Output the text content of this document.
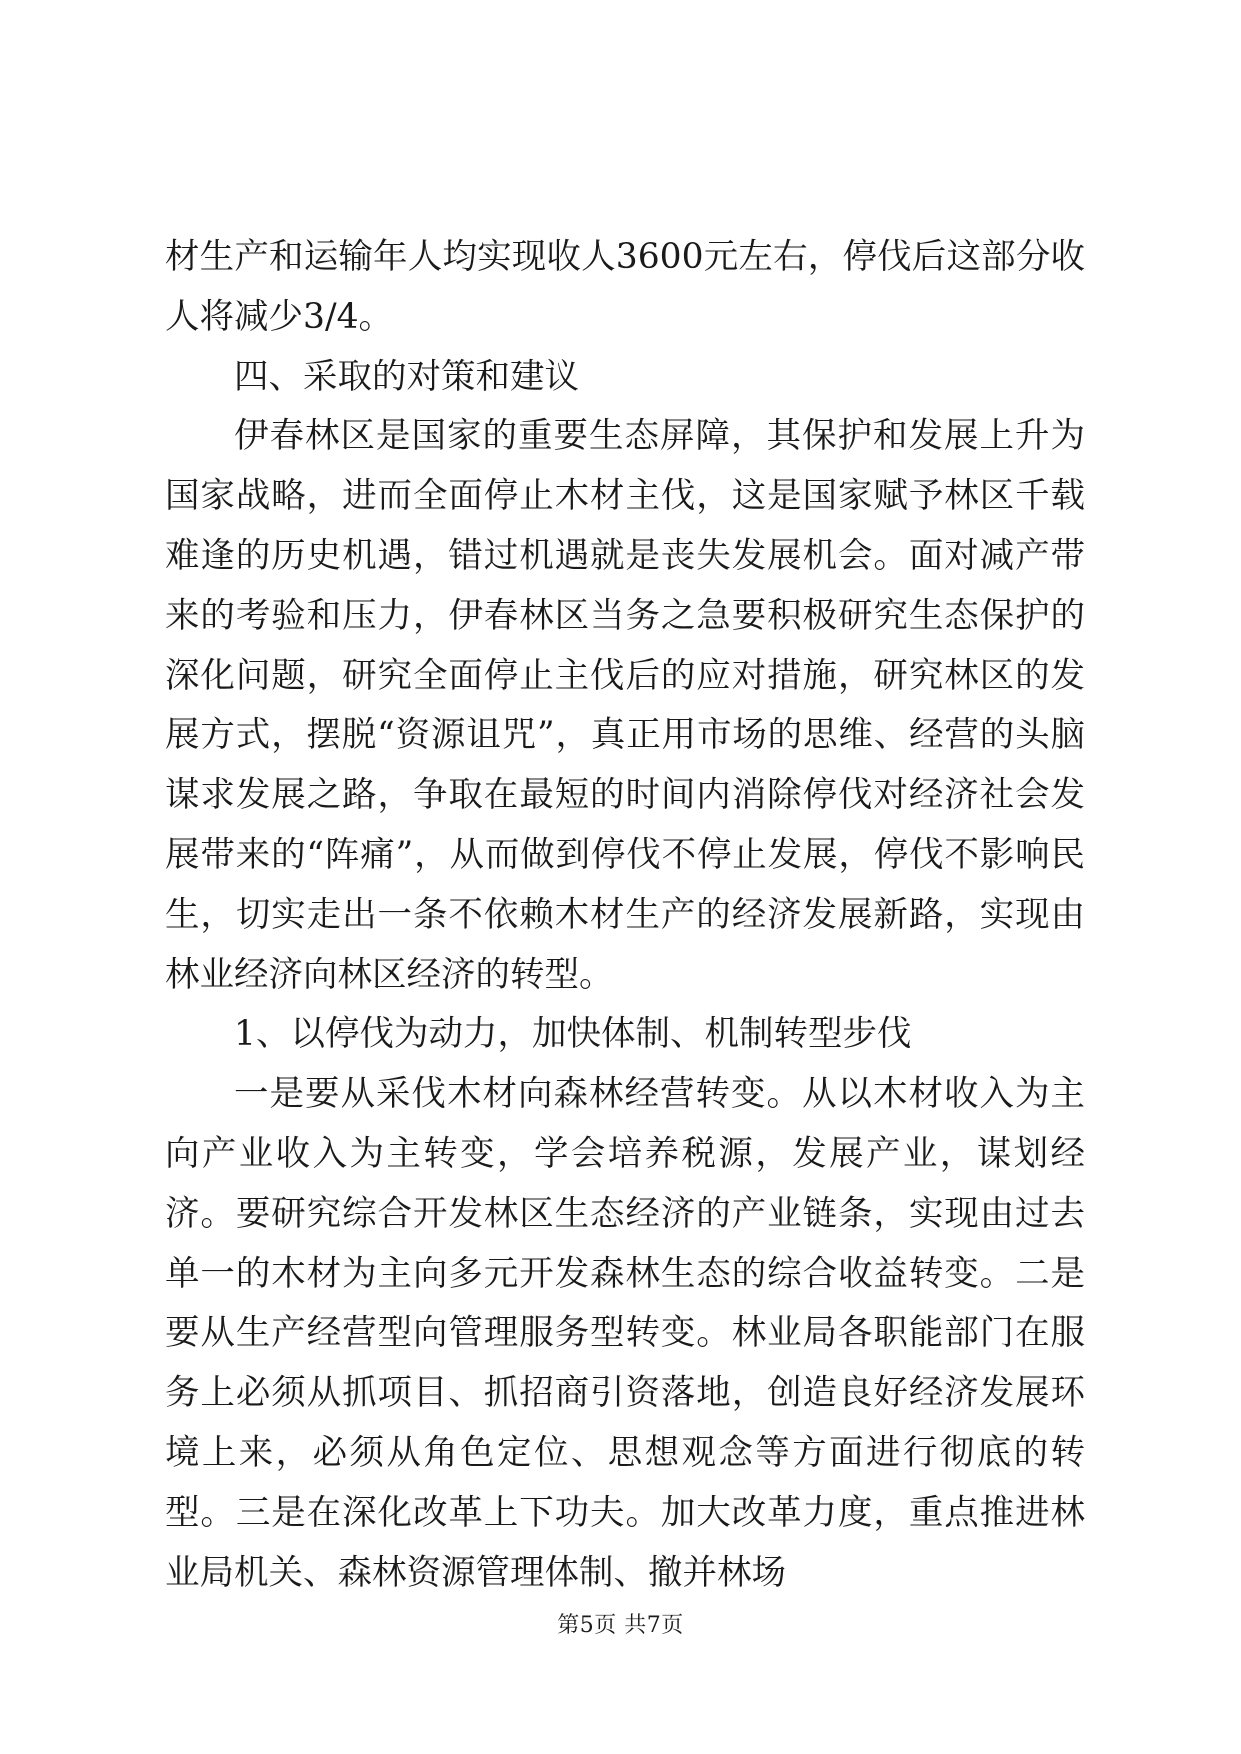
材生产和运输年人均实现收人3600元左右，停伐后这部分收人将减少3/4。

四、采取的对策和建议

伊春林区是国家的重要生态屏障，其保护和发展上升为国家战略，进而全面停止木材主伐，这是国家赋予林区千载难逢的历史机遇，错过机遇就是丧失发展机会。面对减产带来的考验和压力，伊春林区当务之急要积极研究生态保护的深化问题，研究全面停止主伐后的应对措施，研究林区的发展方式，摆脱“资源诅咒”，真正用市场的思维、经营的头脑谋求发展之路，争取在最短的时间内消除停伐对经济社会发展带来的“阵痛”，从而做到停伐不停止发展，停伐不影响民生，切实走出一条不依赖木材生产的经济发展新路，实现由林业经济向林区经济的转型。

1、以停伐为动力，加快体制、机制转型步伐

一是要从采伐木材向森林经营转变。从以木材收入为主向产业收入为主转变，学会培养税源，发展产业，谋划经济。要研究综合开发林区生态经济的产业链条，实现由过去单一的木材为主向多元开发森林生态的综合收益转变。二是要从生产经营型向管理服务型转变。林业局各职能部门在服务上必须从抓项目、抓招商引资落地，创造良好经济发展环境上来，必须从角色定位、思想观念等方面进行彻底的转型。三是在深化改革上下功夫。加大改革力度，重点推进林业局机关、森林资源管理体制、撤并林场

第5页 共7页
